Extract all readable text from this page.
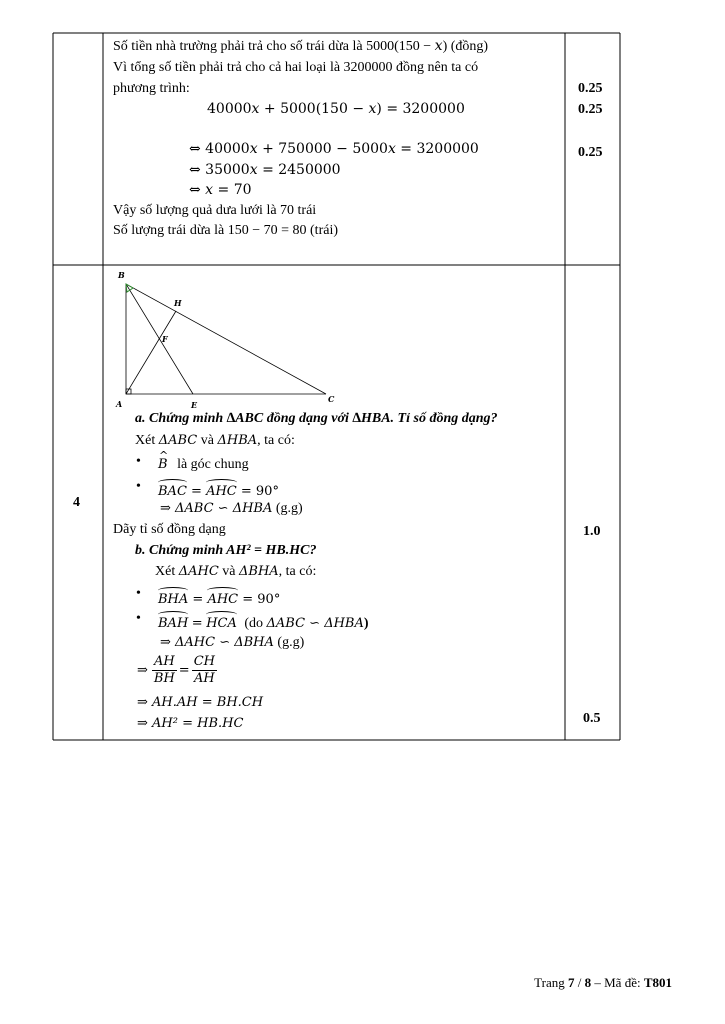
Số tiền nhà trường phải trả cho số trái dừa là 5000(150 − 𝑥) (đồng)
Vì tổng số tiền phải trả cho cả hai loại là 3200000 đồng nên ta có
phương trình:
40000𝑥 + 5000(150 − 𝑥) = 3200000
⇔ 40000𝑥 + 750000 − 5000𝑥 = 3200000
⇔ 35000𝑥 = 2450000
⇔ 𝑥 = 70
Vậy số lượng quả dưa lưới là 70 trái
Số lượng trái dừa là 150 − 70 = 80 (trái)
0.25
0.25
0.25
4
B
H
F
A	E
C
a. Chứng minh ∆ABC đồng dạng với ∆HBA. Tỉ số đồng dạng?
Xét ΔABC và ΔHBA, ta có:
•
^ B là góc chung
• BAC = AHC = 90°
⇒ ΔABC ∽ ΔHBA (g.g)
Dãy tỉ số đồng dạng
b. Chứng minh AH² = HB.HC?
Xét ΔAHC và ΔBHA, ta có:
• BHA = AHC = 90°
• BAH = HCA (do ΔABC ∽ ΔHBA)
⇒ ΔAHC ∽ ΔBHA (g.g)
⇒ $\frac{AH}{BH} = \frac{CH}{AH}$
⇒ AH.AH = BH.CH
⇒ AH² = HB.HC
1.0
0.5
Trang 7 / 8 – Mã đề: T801
